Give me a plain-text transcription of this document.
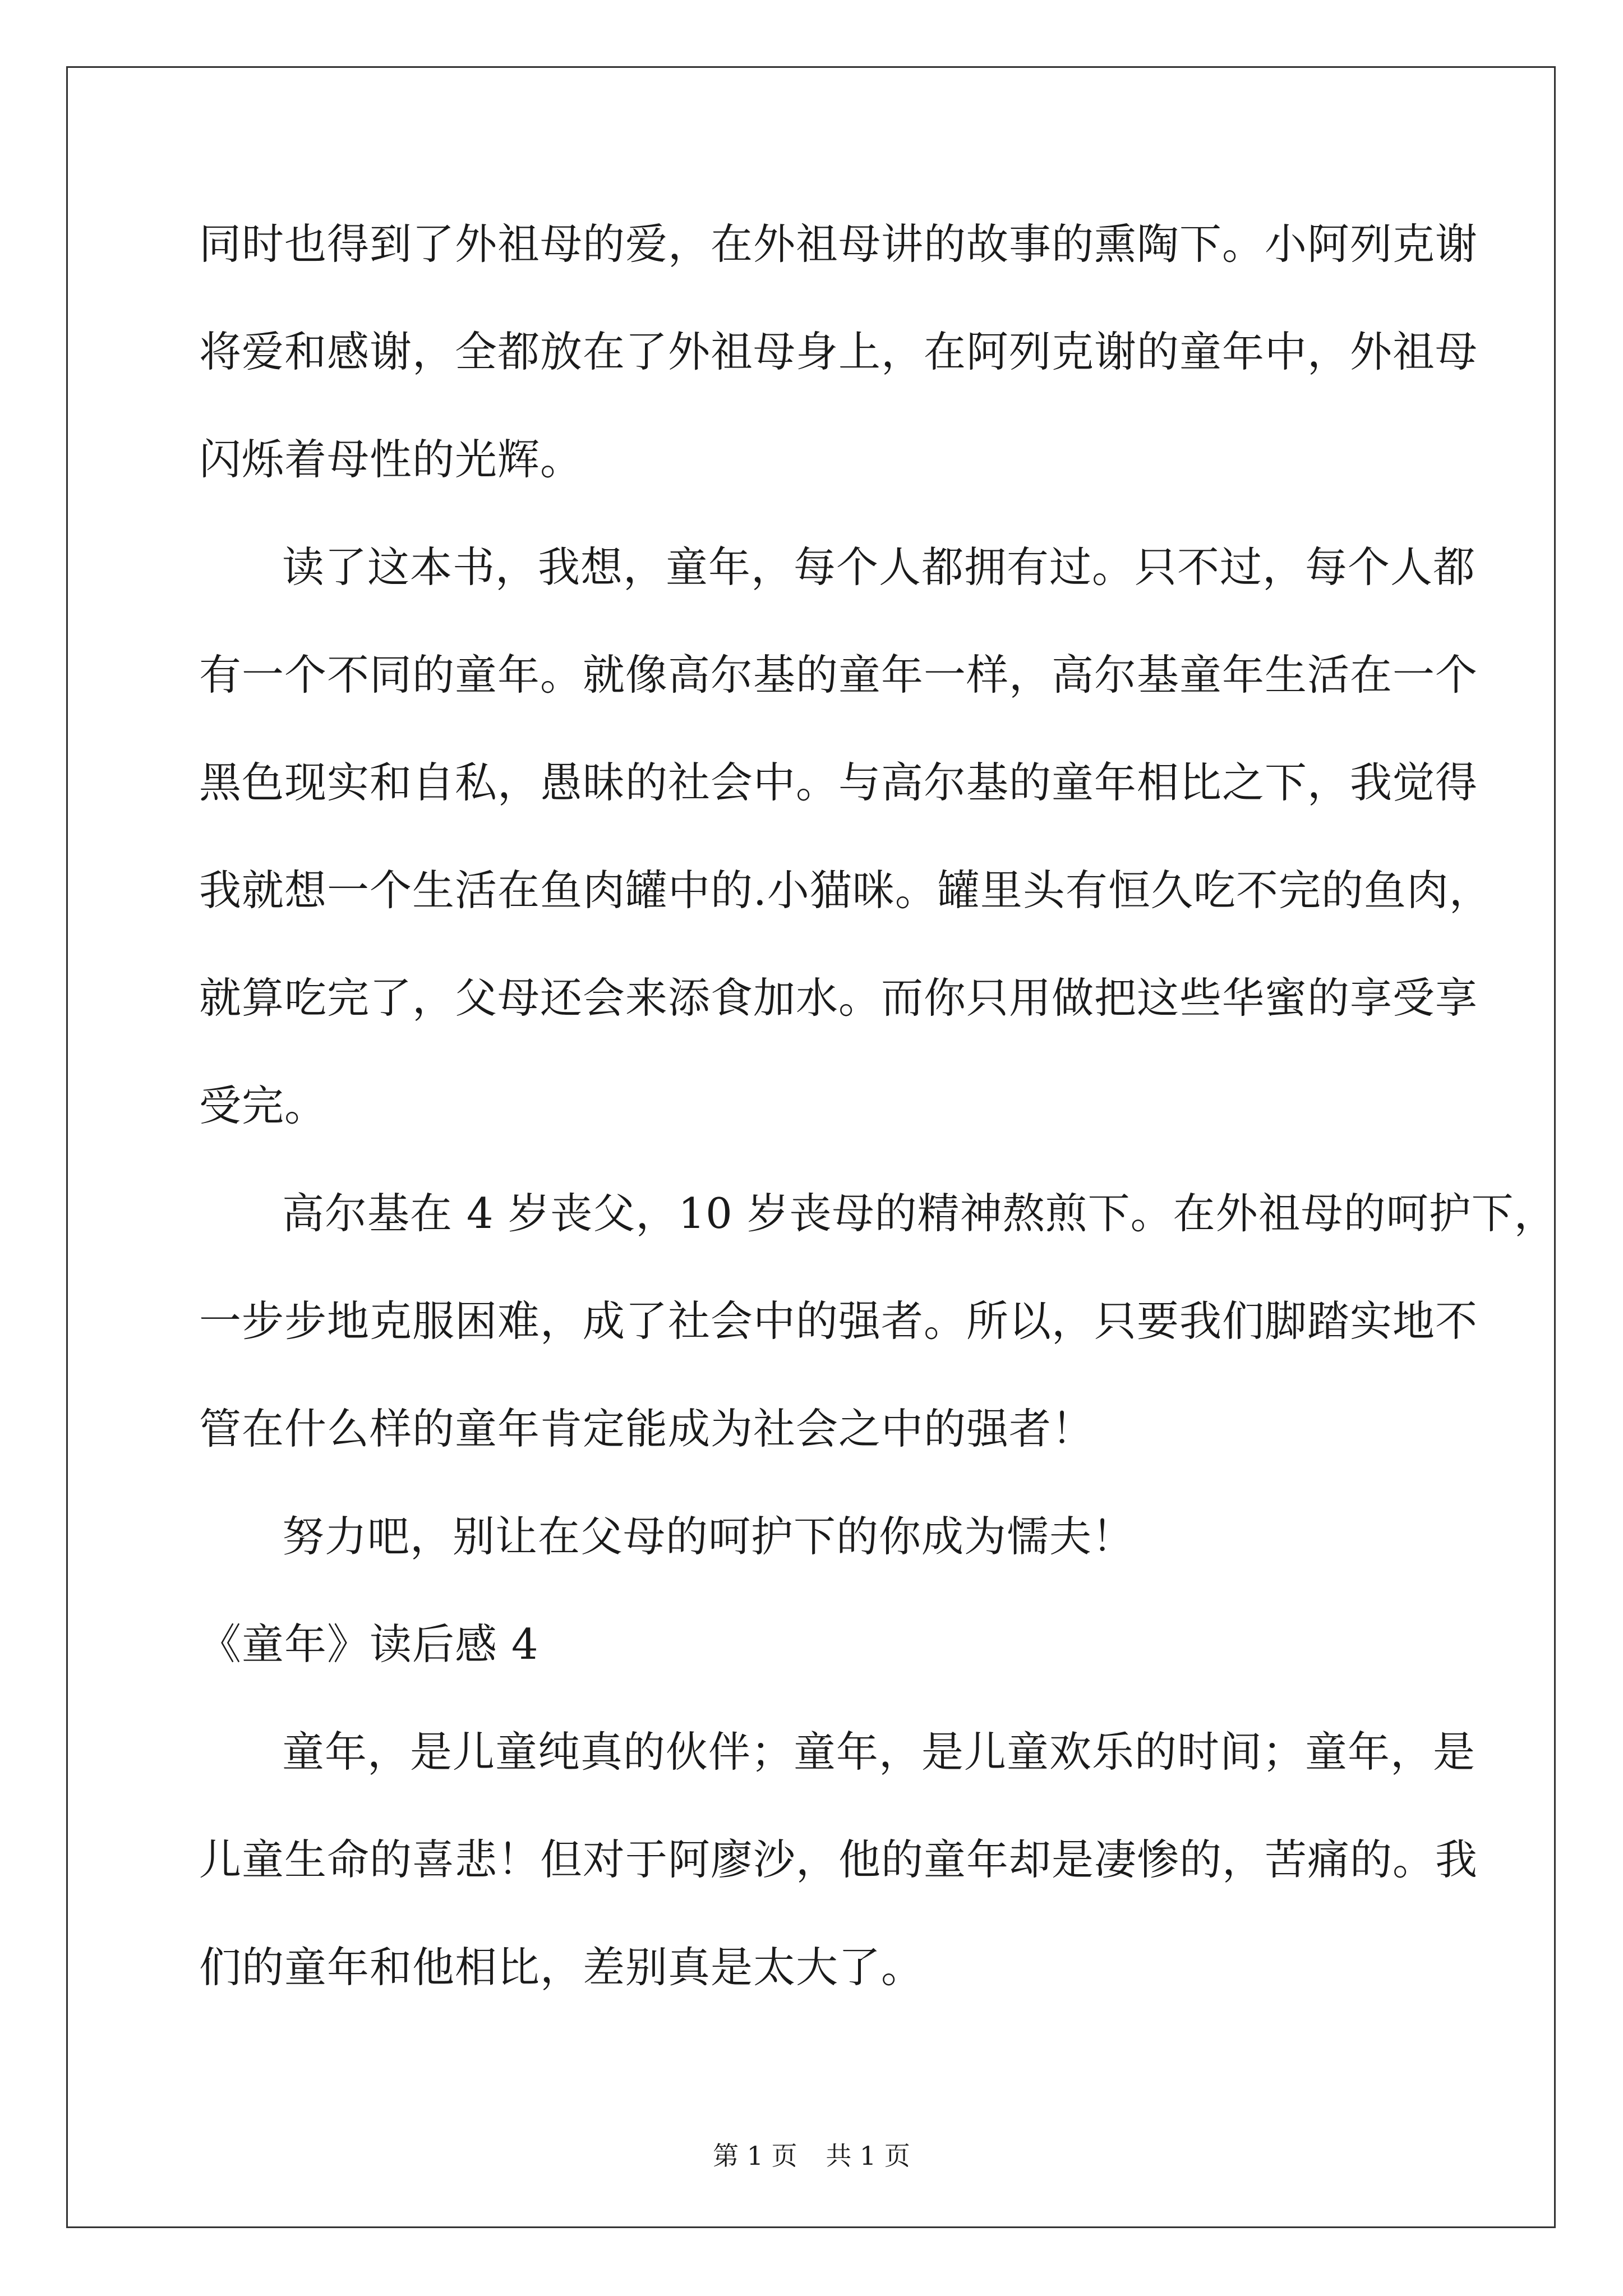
同时也得到了外祖母的爱，在外祖母讲的故事的熏陶下。小阿列克谢
将爱和感谢，全都放在了外祖母身上，在阿列克谢的童年中，外祖母
闪烁着母性的光辉。
读了这本书，我想，童年，每个人都拥有过。只不过，每个人都
有一个不同的童年。就像高尔基的童年一样，高尔基童年生活在一个
黑色现实和自私，愚昧的社会中。与高尔基的童年相比之下，我觉得
我就想一个生活在鱼肉罐中的.小猫咪。罐里头有恒久吃不完的鱼肉，
就算吃完了，父母还会来添食加水。而你只用做把这些华蜜的享受享
受完。
高尔基在 4 岁丧父，10 岁丧母的精神熬煎下。在外祖母的呵护下，
一步步地克服困难，成了社会中的强者。所以，只要我们脚踏实地不
管在什么样的童年肯定能成为社会之中的强者！
努力吧，别让在父母的呵护下的你成为懦夫！
《童年》读后感 4
童年，是儿童纯真的伙伴；童年，是儿童欢乐的时间；童年，是
儿童生命的喜悲！但对于阿廖沙，他的童年却是凄惨的，苦痛的。我
们的童年和他相比，差别真是太大了。
第 1 页 共 1 页
